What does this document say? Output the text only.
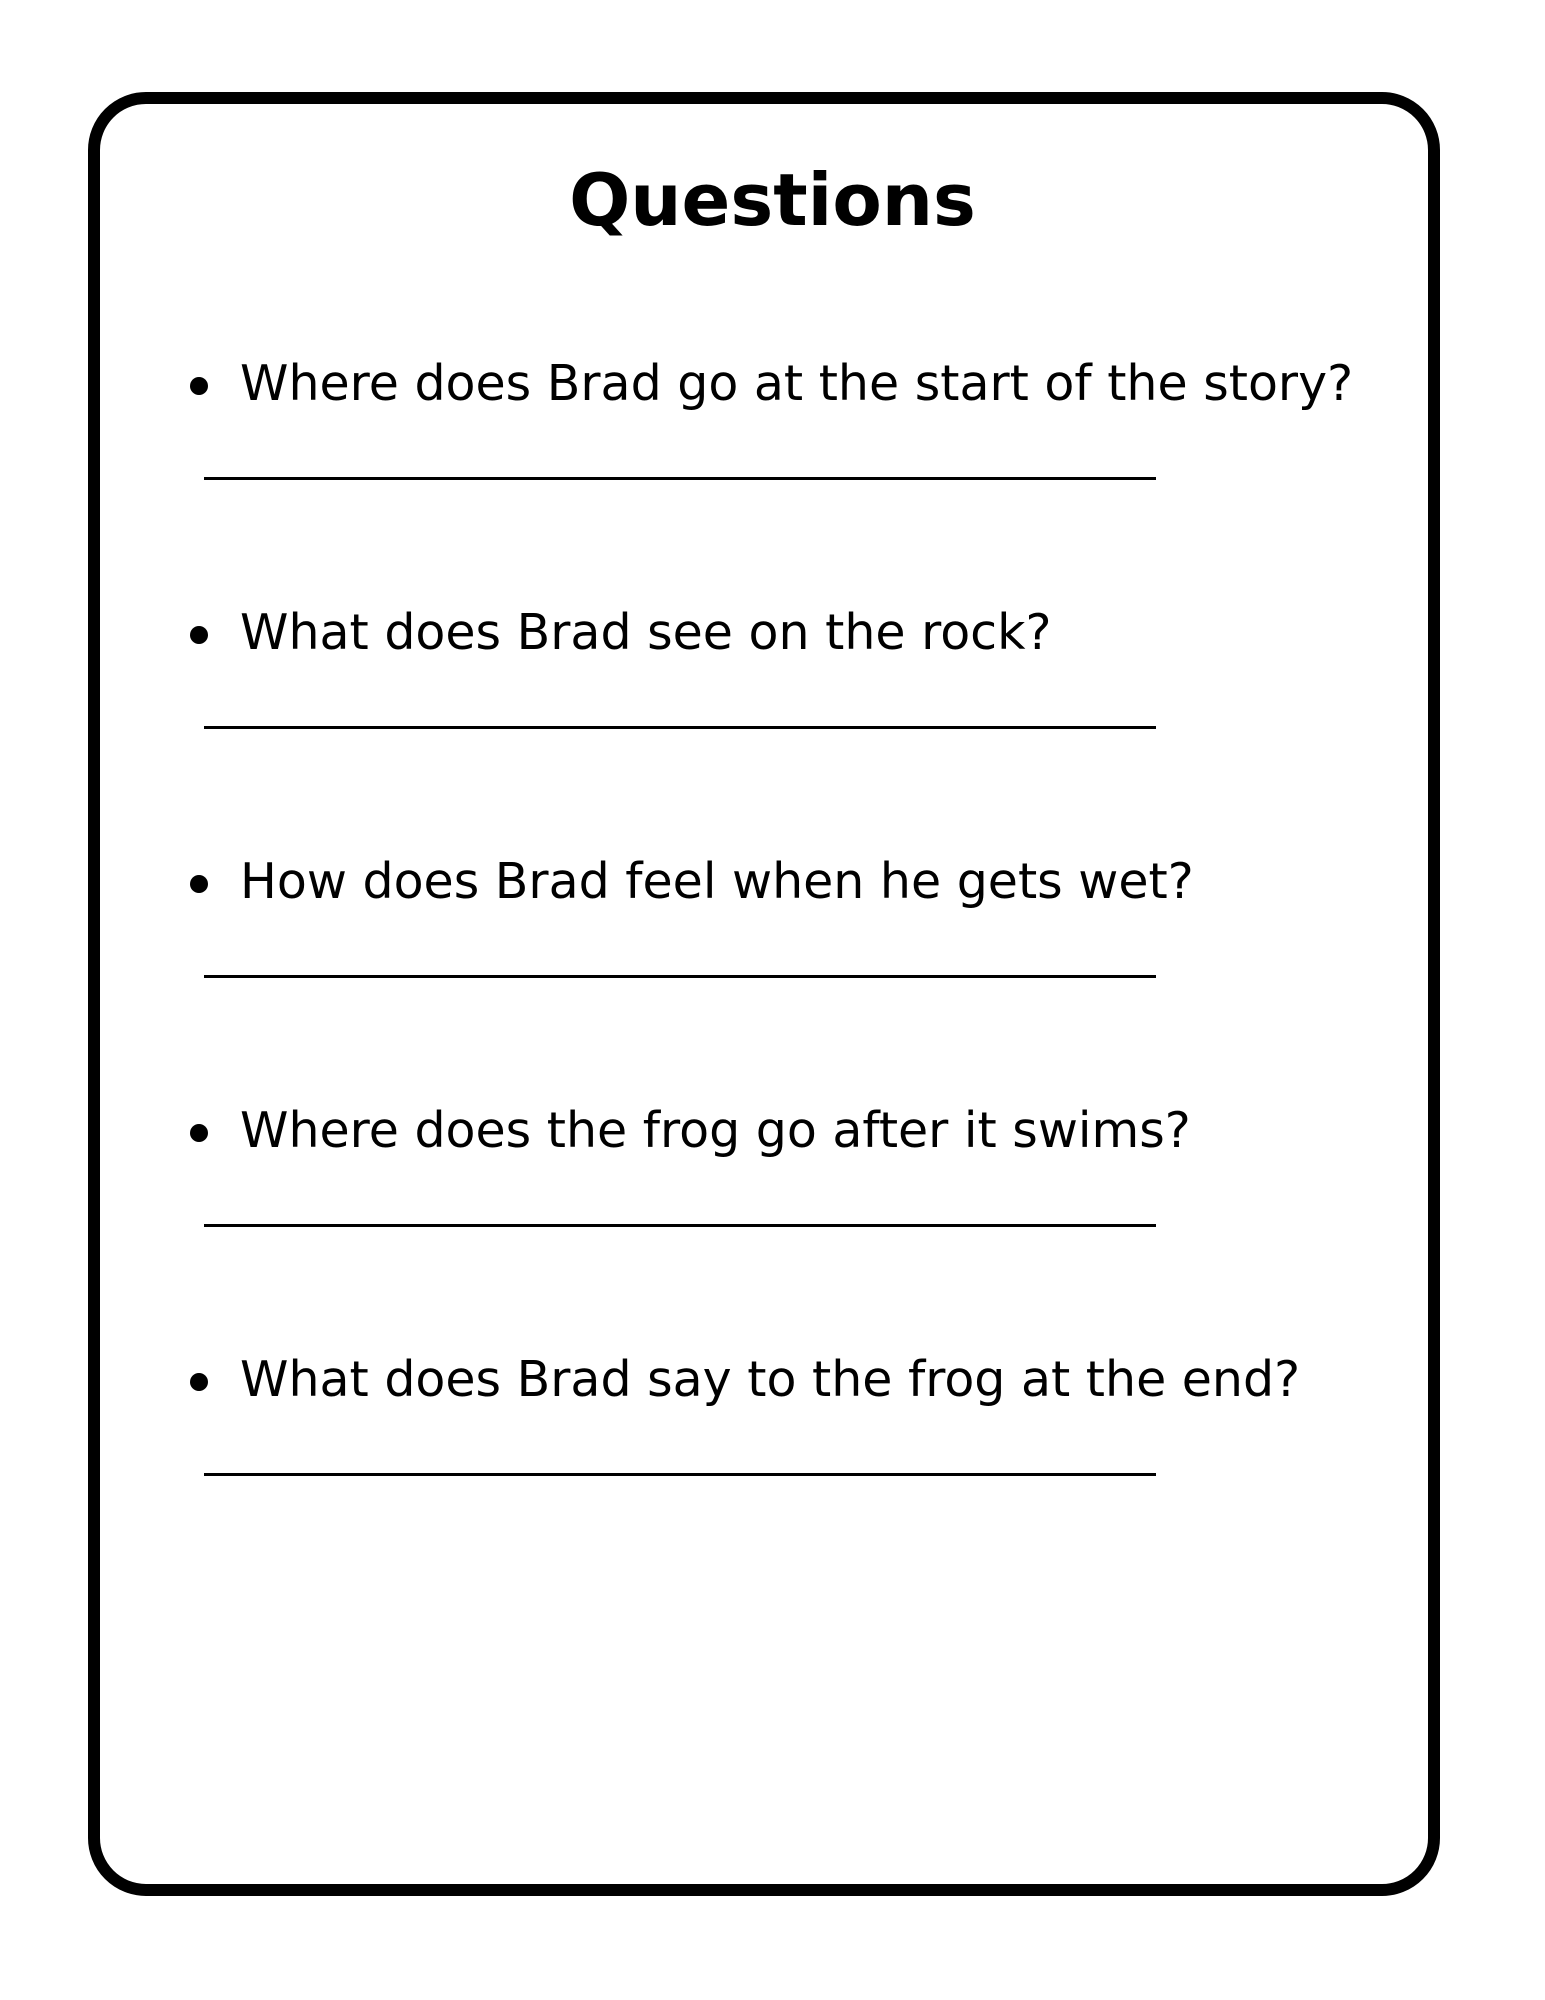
Questions
Where does Brad go at the start of the story?
What does Brad see on the rock?
How does Brad feel when he gets wet?
Where does the frog go after it swims?
What does Brad say to the frog at the end?
